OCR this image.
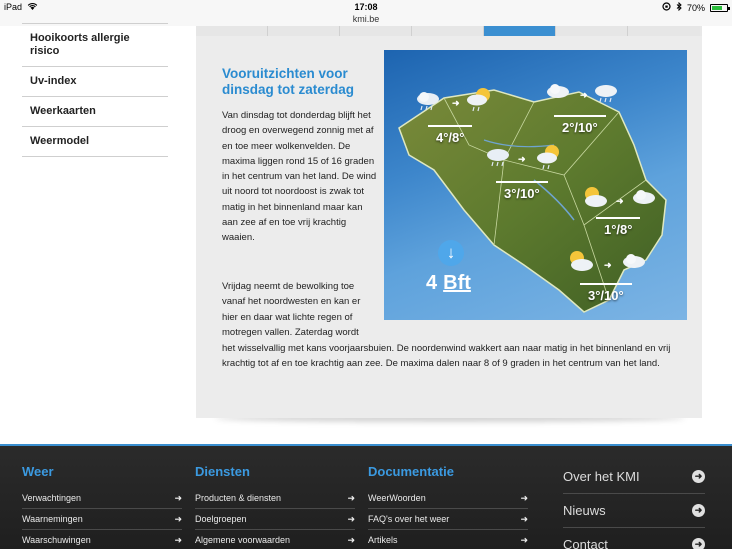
iPad	17:08	70%
kmi.be
Hooikoorts allergie risico
Uv-index
Weerkaarten
Weermodel
Vooruitzichten voor dinsdag tot zaterdag

Van dinsdag tot donderdag blijft het droog en overwegend zonnig met af en toe meer wolkenvelden. De maxima liggen rond 15 of 16 graden in het centrum van het land. De wind uit noord tot noordoost is zwak tot matig in het binnenland maar kan aan zee af en toe vrij krachtig waaien.

Vrijdag neemt de bewolking toe vanaf het noordwesten en kan er hier en daar wat lichte regen of motregen vallen. Zaterdag wordt

het wisselvallig met kans voorjaarsbuien. De noordenwind wakkert aan naar matig in het binnenland en vrij krachtig tot af en toe krachtig aan zee. De maxima dalen naar 8 of 9 graden in het centrum van het land.

➜
➜
➜
➜
➜
4°/8°
2°/10°
3°/10°
1°/8°
3°/10°
↓
4 Bft
Weer
Verwachtingen	➜
Waarnemingen	➜
Waarschuwingen	➜
Diensten
Producten & diensten	➜
Doelgroepen	➜
Algemene voorwaarden	➜
Documentatie
WeerWoorden	➜
FAQ's over het weer	➜
Artikels	➜
Over het KMI	➜
Nieuws	➜
Contact	➜
